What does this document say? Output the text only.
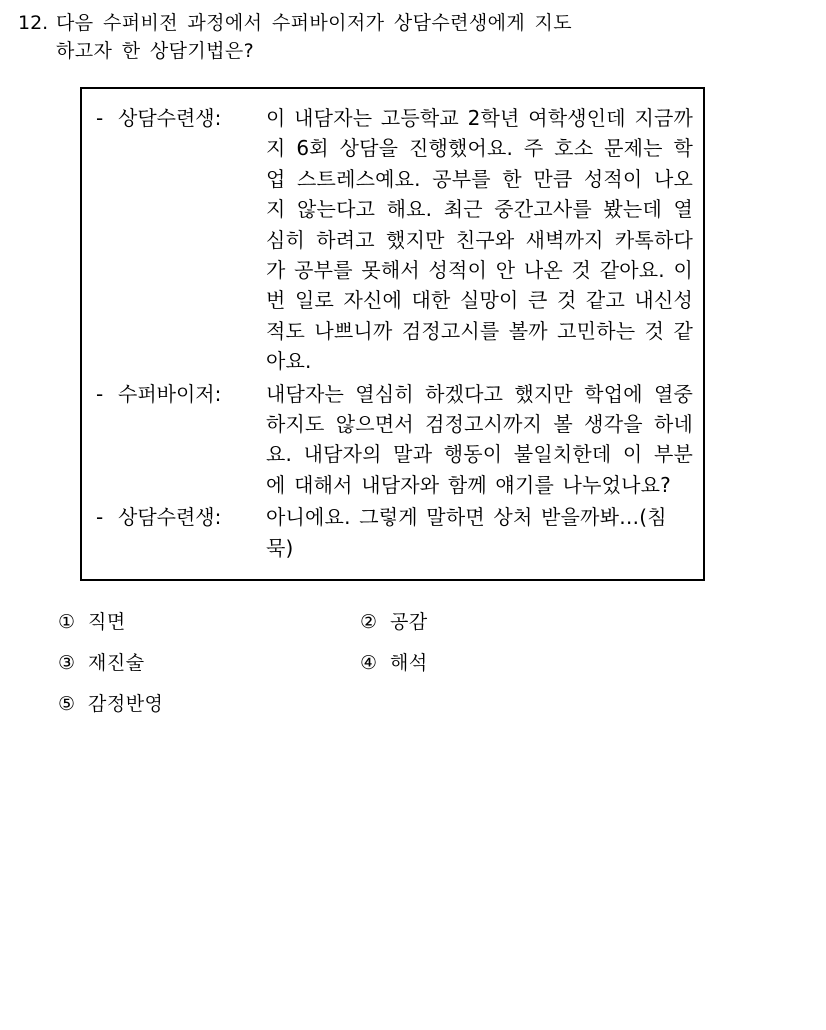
12. 다음 수퍼비전 과정에서 수퍼바이저가 상담수련생에게 지도
하고자 한 상담기법은?
- 상담수련생:	이 내담자는 고등학교 2학년 여학생인데 지금까지 6회 상담을 진행했어요. 주 호소 문제는 학업 스트레스예요. 공부를 한 만큼 성적이 나오지 않는다고 해요. 최근 중간고사를 봤는데 열심히 하려고 했지만 친구와 새벽까지 카톡하다가 공부를 못해서 성적이 안 나온 것 같아요. 이번 일로 자신에 대한 실망이 큰 것 같고 내신성적도 나쁘니까 검정고시를 볼까 고민하는 것 같아요.
- 수퍼바이저:	내담자는 열심히 하겠다고 했지만 학업에 열중하지도 않으면서 검정고시까지 볼 생각을 하네요. 내담자의 말과 행동이 불일치한데 이 부분에 대해서 내담자와 함께 얘기를 나누었나요?
- 상담수련생:	아니에요. 그렇게 말하면 상처 받을까봐…(침묵)
① 직면	② 공감
③ 재진술	④ 해석
⑤ 감정반영
